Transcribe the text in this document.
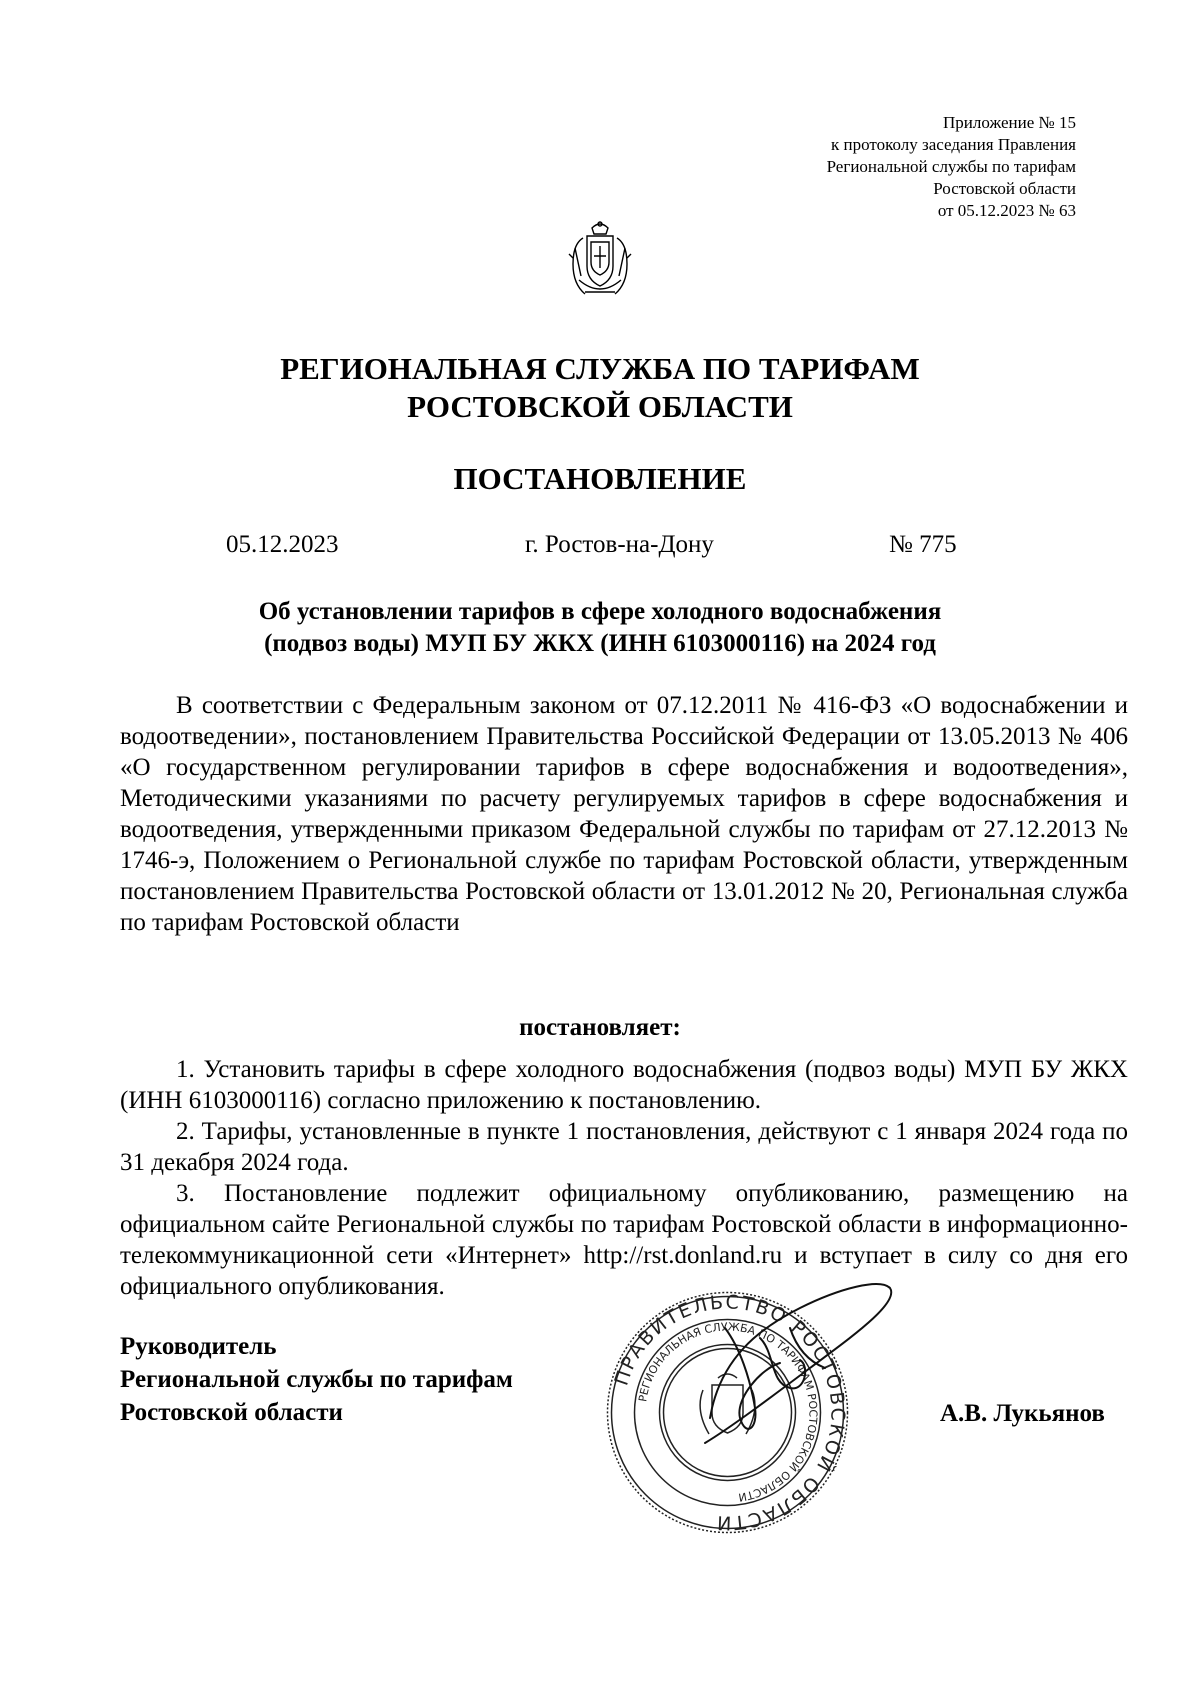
Приложение № 15
к протоколу заседания Правления
Региональной службы по тарифам
Ростовской области
от 05.12.2023 № 63
РЕГИОНАЛЬНАЯ СЛУЖБА ПО ТАРИФАМ
РОСТОВСКОЙ ОБЛАСТИ
ПОСТАНОВЛЕНИЕ
05.12.2023	г. Ростов-на-Дону	№ 775
Об установлении тарифов в сфере холодного водоснабжения
(подвоз воды) МУП БУ ЖКХ (ИНН 6103000116) на 2024 год
В соответствии с Федеральным законом от 07.12.2011 № 416-ФЗ «О водоснабжении и водоотведении», постановлением Правительства Российской Федерации от 13.05.2013 № 406 «О государственном регулировании тарифов в сфере водоснабжения и водоотведения», Методическими указаниями по расчету регулируемых тарифов в сфере водоснабжения и водоотведения, утвержденными приказом Федеральной службы по тарифам от 27.12.2013 № 1746-э, Положением о Региональной службе по тарифам Ростовской области, утвержденным постановлением Правительства Ростовской области от 13.01.2012 № 20, Региональная служба по тарифам Ростовской области
постановляет:

1. Установить тарифы в сфере холодного водоснабжения (подвоз воды) МУП БУ ЖКХ (ИНН 6103000116) согласно приложению к постановлению.

2. Тарифы, установленные в пункте 1 постановления, действуют с 1 января 2024 года по 31 декабря 2024 года.

3. Постановление подлежит официальному опубликованию, размещению на официальном сайте Региональной службы по тарифам Ростовской области в информационно-телекоммуникационной сети «Интернет» http://rst.donland.ru и вступает в силу со дня его официального опубликования.

Руководитель
Региональной службы по тарифам
Ростовской области
ПРАВИТЕЛЬСТВО РОСТОВСКОЙ ОБЛАСТИ
РЕГИОНАЛЬНАЯ СЛУЖБА ПО ТАРИФАМ РОСТОВСКОЙ ОБЛАСТИ
А.В. Лукьянов
